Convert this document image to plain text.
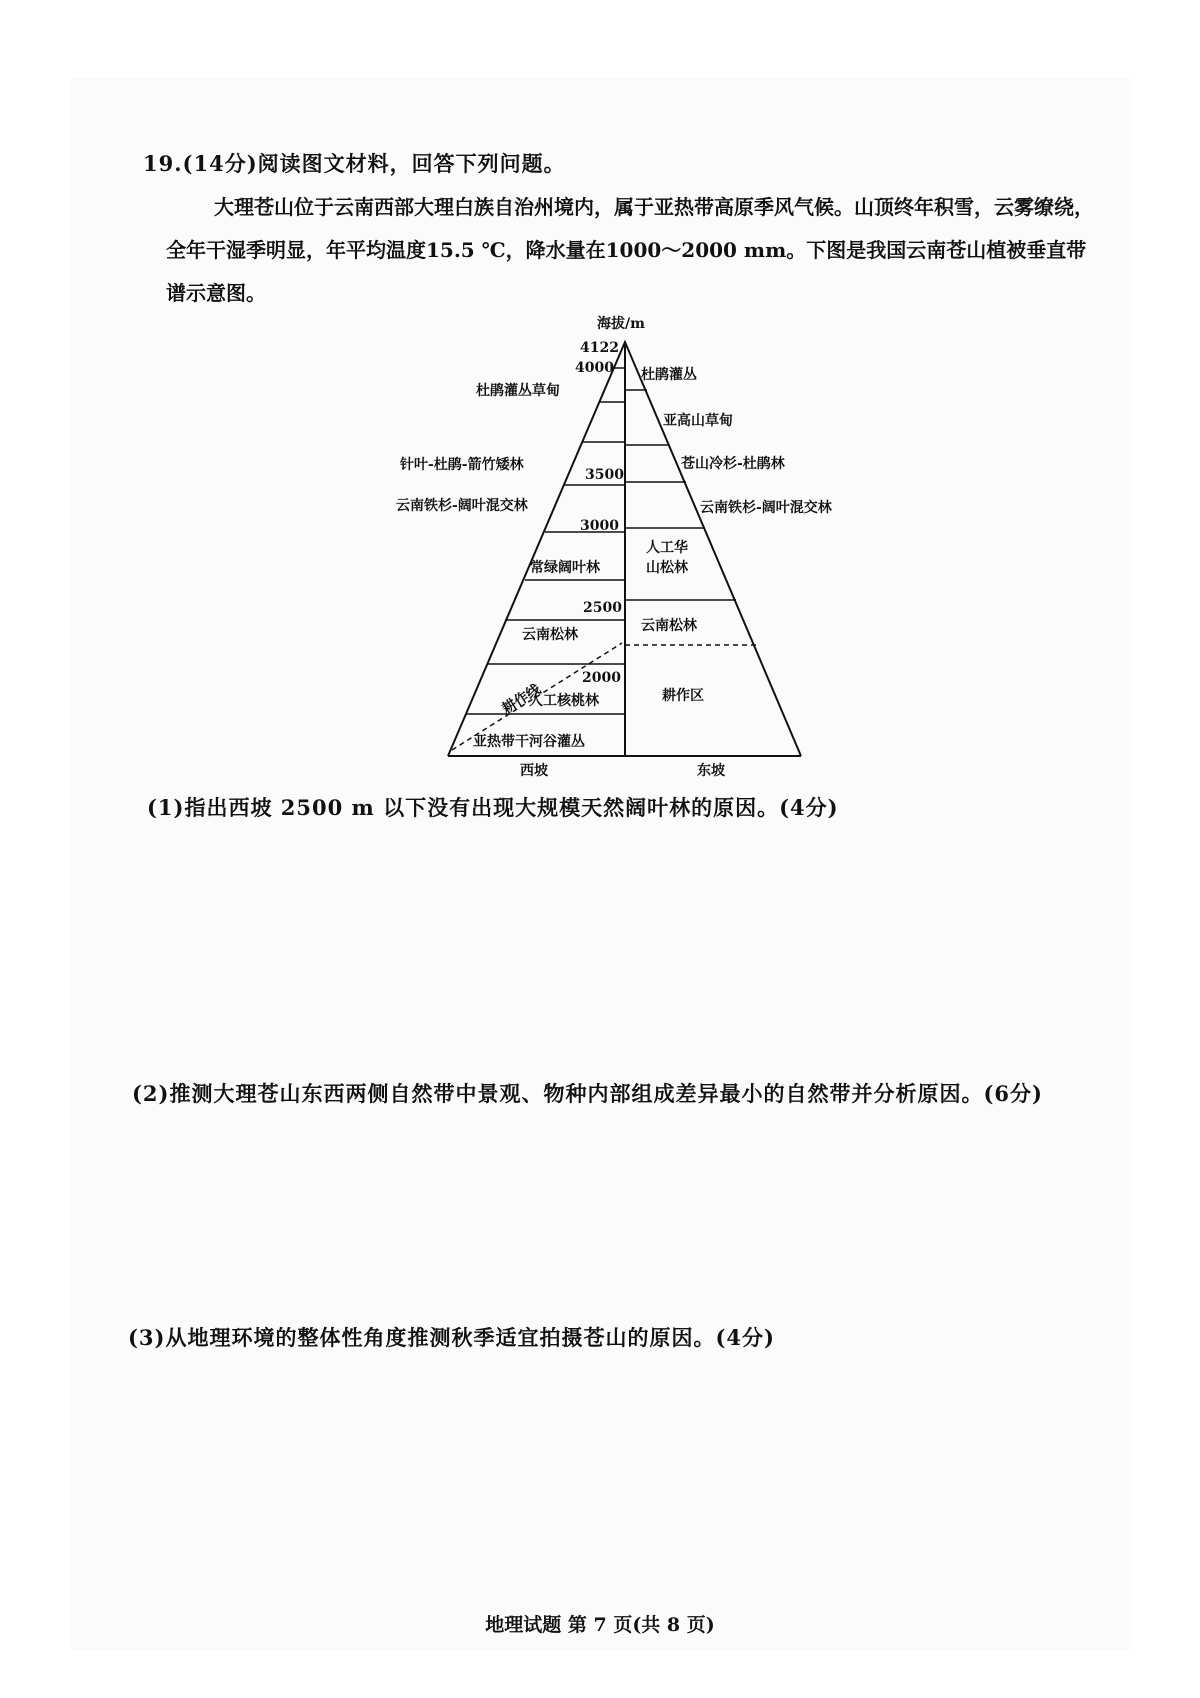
19.(14分)阅读图文材料，回答下列问题。

大理苍山位于云南西部大理白族自治州境内，属于亚热带高原季风气候。山顶终年积雪，云雾缭绕，全年干湿季明显，年平均温度15.5 ℃，降水量在1000～2000 mm。下图是我国云南苍山植被垂直带谱示意图。

海拔/m
4122
4000
3500
3000
2500
2000
杜鹃灌丛草甸
针叶-杜鹃-箭竹矮林
云南铁杉-阔叶混交林
常绿阔叶林
云南松林
人工核桃林
亚热带干河谷灌丛
耕作线
杜鹃灌丛
亚高山草甸
苍山冷杉-杜鹃林
云南铁杉-阔叶混交林
人工华
山松林
云南松林
耕作区
西坡	东坡
(1)指出西坡 2500 m 以下没有出现大规模天然阔叶林的原因。(4分)
(2)推测大理苍山东西两侧自然带中景观、物种内部组成差异最小的自然带并分析原因。(6分)
(3)从地理环境的整体性角度推测秋季适宜拍摄苍山的原因。(4分)
地理试题 第 7 页(共 8 页)
